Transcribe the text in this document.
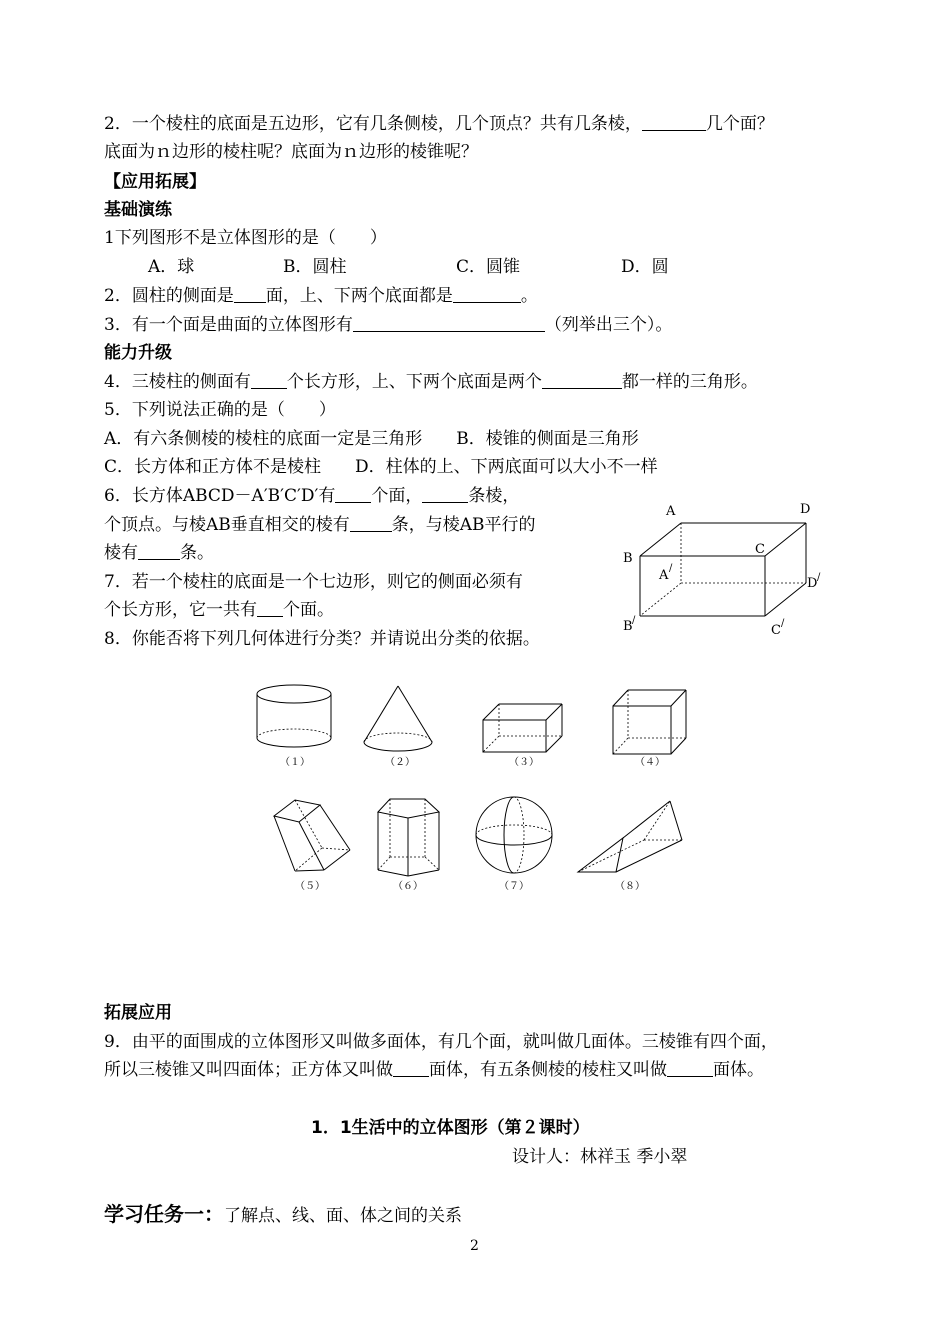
2．一个棱柱的底面是五边形，它有几条侧棱，几个顶点？共有几条棱，	几个面？
底面为ｎ边形的棱柱呢？底面为ｎ边形的棱锥呢？
【应用拓展】
基础演练
1下列图形不是立体图形的是（　　）
A．球	B．圆柱	C．圆锥	D．圆
2．圆柱的侧面是 面，上、下两个底面都是	。
3．有一个面是曲面的立体图形有	（列举出三个）。
能力升级
4．三棱柱的侧面有 个长方形，上、下两个底面是两个	都一样的三角形。
5．下列说法正确的是（　　）
A．有六条侧棱的棱柱的底面一定是三角形　　B．棱锥的侧面是三角形
C．长方体和正方体不是棱柱　　D．柱体的上、下两底面可以大小不一样
6．长方体ABCD－A′B′C′D′有 个面，	条棱，
个顶点。与棱AB垂直相交的棱有 条，与棱AB平行的
棱有 条。
7．若一个棱柱的底面是一个七边形，则它的侧面必须有
个长方形，它一共有 个面。
8．你能否将下列几何体进行分类？并请说出分类的依据。
A	D
B
C
A /
D /
B /
C /
（１）	（２）	（３）	（４）
（５）	（６）	（７）	（８）
拓展应用
9．由平的面围成的立体图形又叫做多面体，有几个面，就叫做几面体。三棱锥有四个面，
所以三棱锥又叫四面体；正方体又叫做 面体，有五条侧棱的棱柱又叫做	面体。
1．1生活中的立体图形（第２课时）
设计人：林祥玉 季小翠
学习任务一：了解点、线、面、体之间的关系
2
